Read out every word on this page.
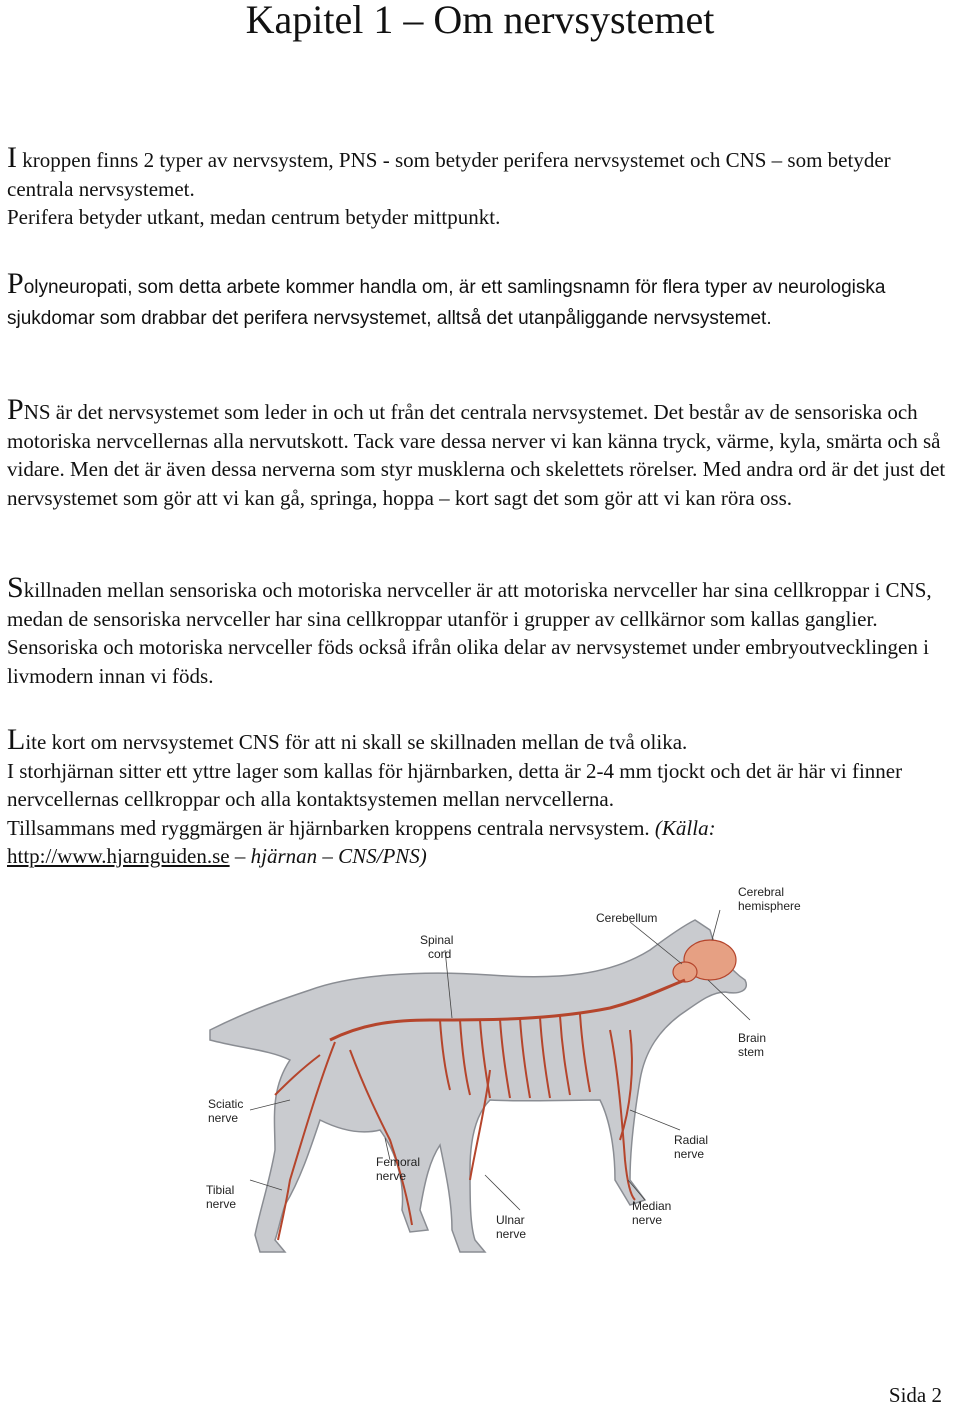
Kapitel 1 – Om nervsystemet

I kroppen finns 2 typer av nervsystem, PNS - som betyder perifera nervsystemet och CNS – som betyder centrala nervsystemet.
Perifera betyder utkant, medan centrum betyder mittpunkt.

Polyneuropati, som detta arbete kommer handla om, är ett samlingsnamn för flera typer av neurologiska sjukdomar som drabbar det perifera nervsystemet, alltså det utanpåliggande nervsystemet.

PNS är det nervsystemet som leder in och ut från det centrala nervsystemet. Det består av de sensoriska och motoriska nervcellernas alla nervutskott. Tack vare dessa nerver vi kan känna tryck, värme, kyla, smärta och så vidare. Men det är även dessa nerverna som styr musklerna och skelettets rörelser. Med andra ord är det just det nervsystemet som gör att vi kan gå, springa, hoppa – kort sagt det som gör att vi kan röra oss.

Skillnaden mellan sensoriska och motoriska nervceller är att motoriska nervceller har sina cellkroppar i CNS, medan de sensoriska nervceller har sina cellkroppar utanför i grupper av cellkärnor som kallas ganglier. Sensoriska och motoriska nervceller föds också ifrån olika delar av nervsystemet under embryoutvecklingen i livmodern innan vi föds.

Lite kort om nervsystemet CNS för att ni skall se skillnaden mellan de två olika.
I storhjärnan sitter ett yttre lager som kallas för hjärnbarken, detta är 2-4 mm tjockt och det är här vi finner nervcellernas cellkroppar och alla kontaktsystemen mellan nervcellerna.
Tillsammans med ryggmärgen är hjärnbarken kroppens centrala nervsystem. (Källa:
http://www.hjarnguiden.se – hjärnan – CNS/PNS)

Cerebral hemisphere
Cerebellum
Spinal cord
Brain stem
Sciatic nerve
Radial nerve
Femoral nerve
Tibial nerve	Median nerve
Ulnar nerve
Sida 2
